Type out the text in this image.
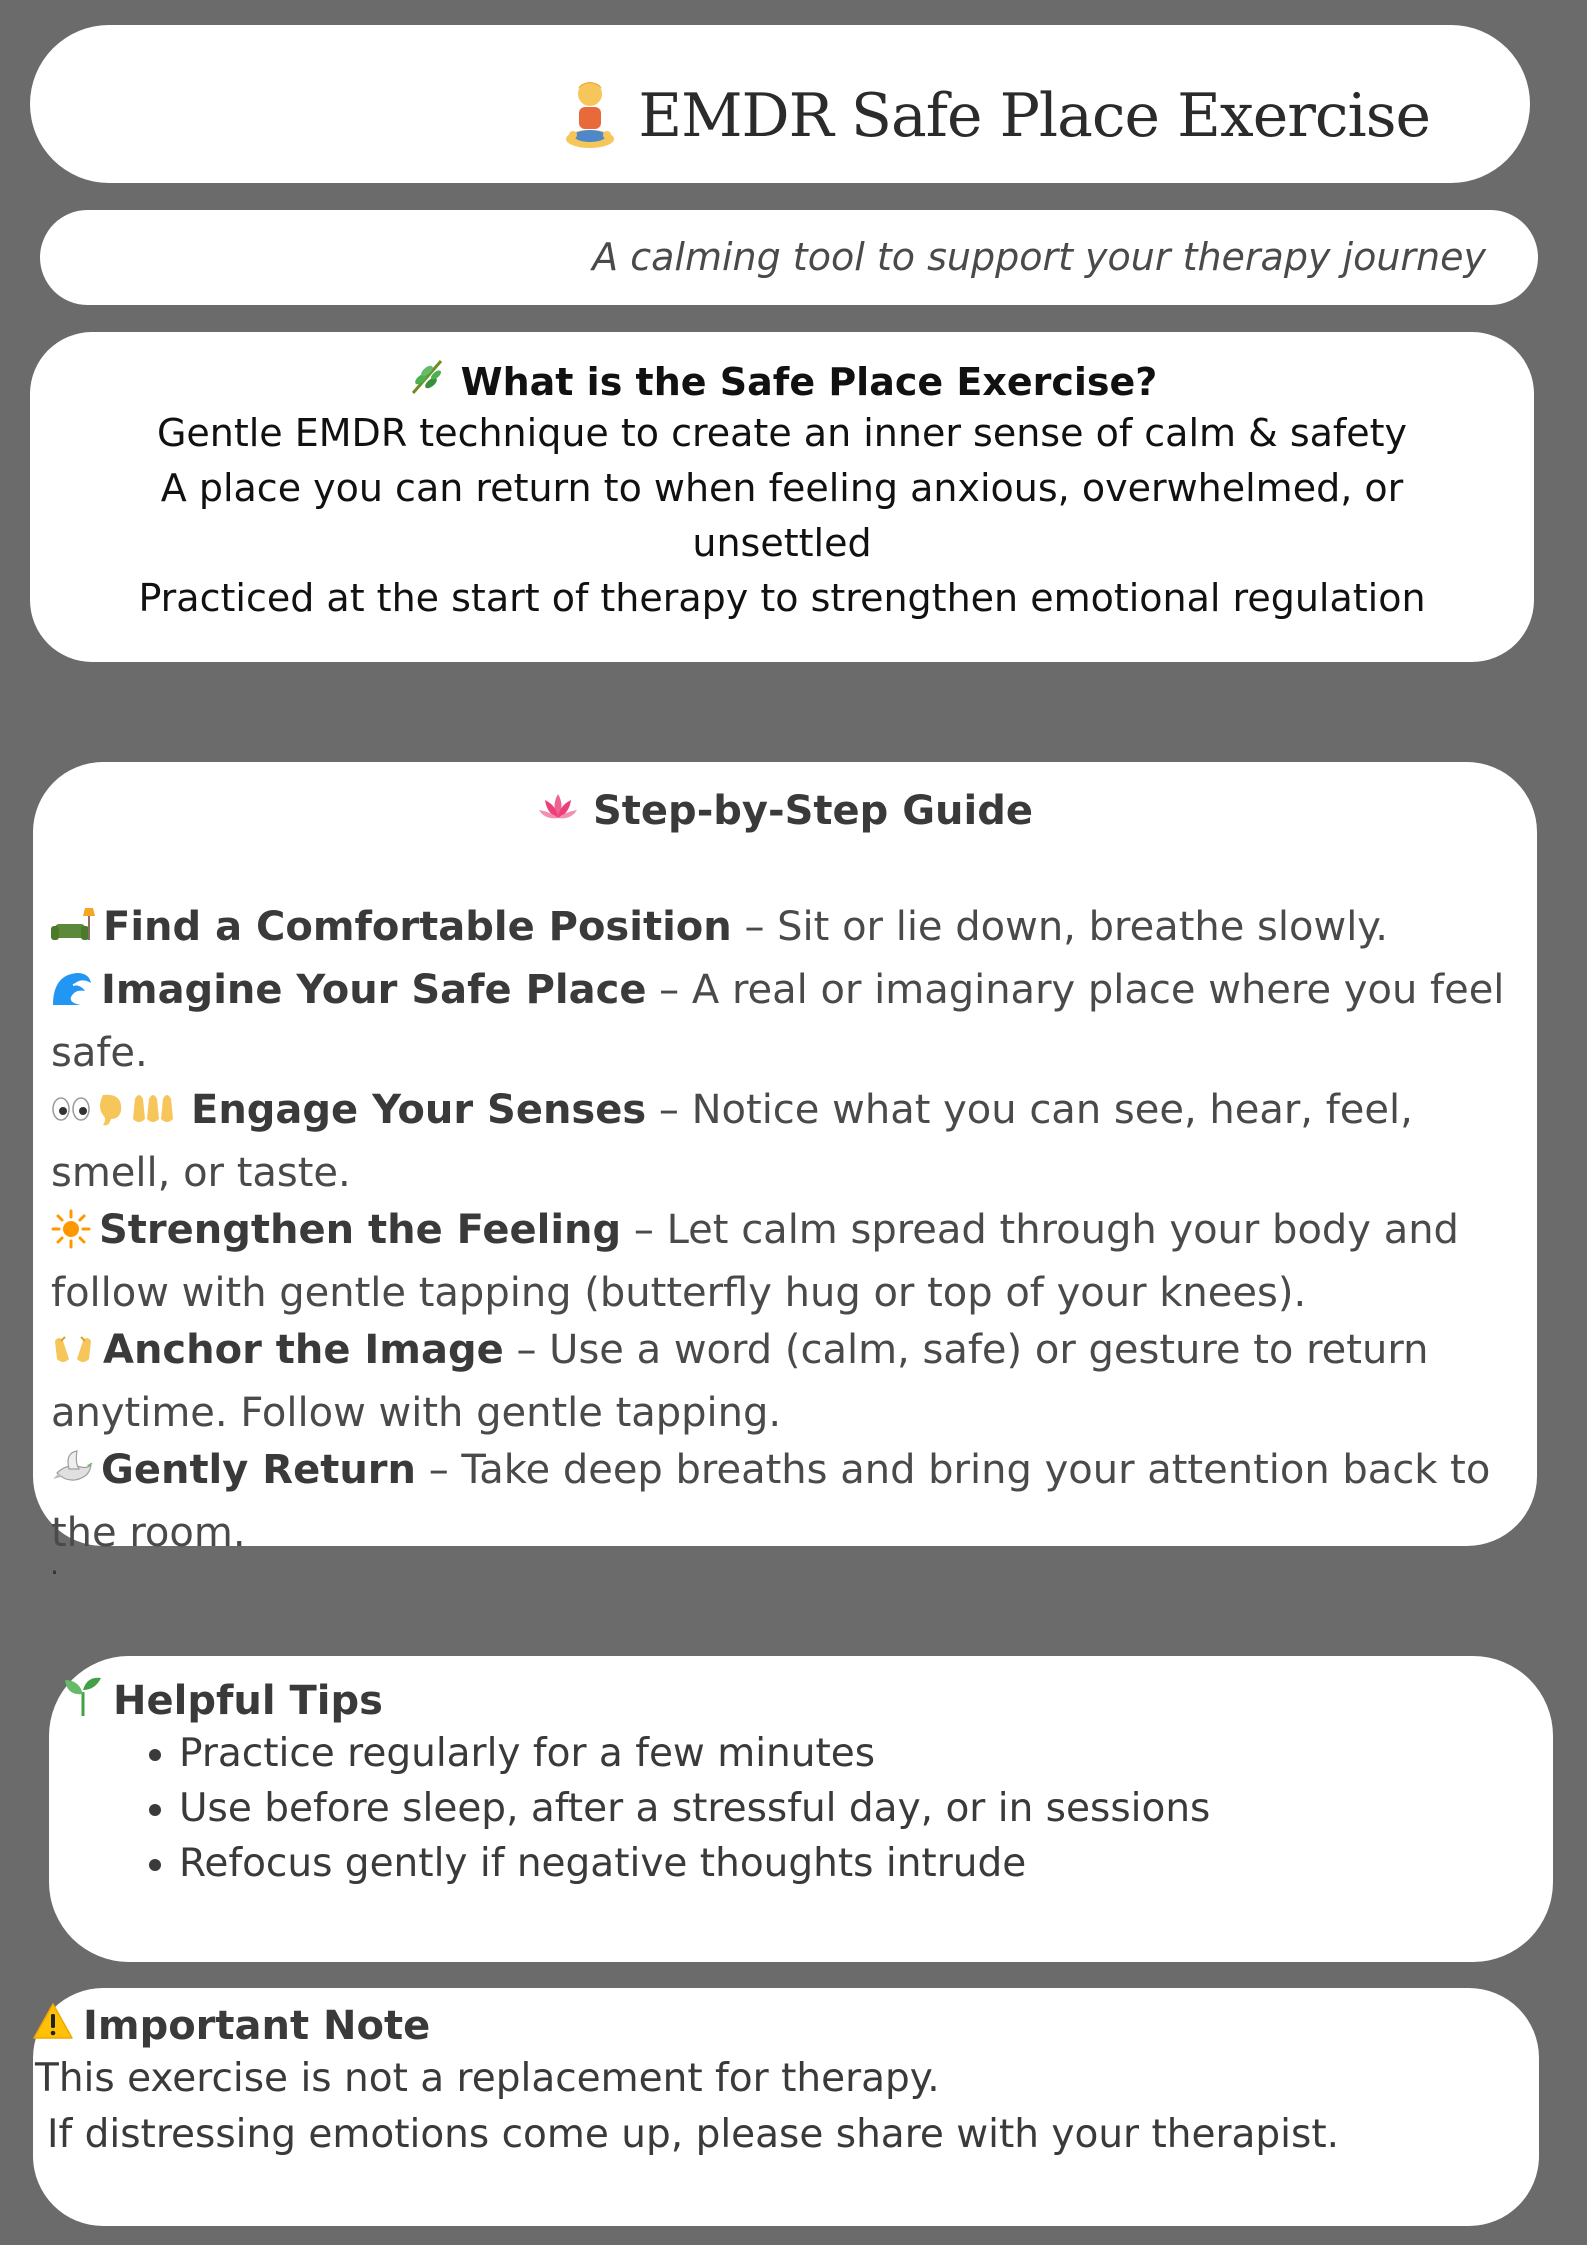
EMDR Safe Place Exercise
A calming tool to support your therapy journey
What is the Safe Place Exercise?
Gentle EMDR technique to create an inner sense of calm & safety
A place you can return to when feeling anxious, overwhelmed, or unsettled
Practiced at the start of therapy to strengthen emotional regulation
Step-by-Step Guide
Find a Comfortable Position – Sit or lie down, breathe slowly.
Imagine Your Safe Place – A real or imaginary place where you feel safe.
Engage Your Senses – Notice what you can see, hear, feel, smell, or taste.
Strengthen the Feeling – Let calm spread through your body and follow with gentle tapping (butterfly hug or top of your knees).
Anchor the Image – Use a word (calm, safe) or gesture to return anytime. Follow with gentle tapping.
Gently Return – Take deep breaths and bring your attention back to the room.
.
Helpful Tips
• Practice regularly for a few minutes
• Use before sleep, after a stressful day, or in sessions
• Refocus gently if negative thoughts intrude
Important Note
This exercise is not a replacement for therapy.
If distressing emotions come up, please share with your therapist.
